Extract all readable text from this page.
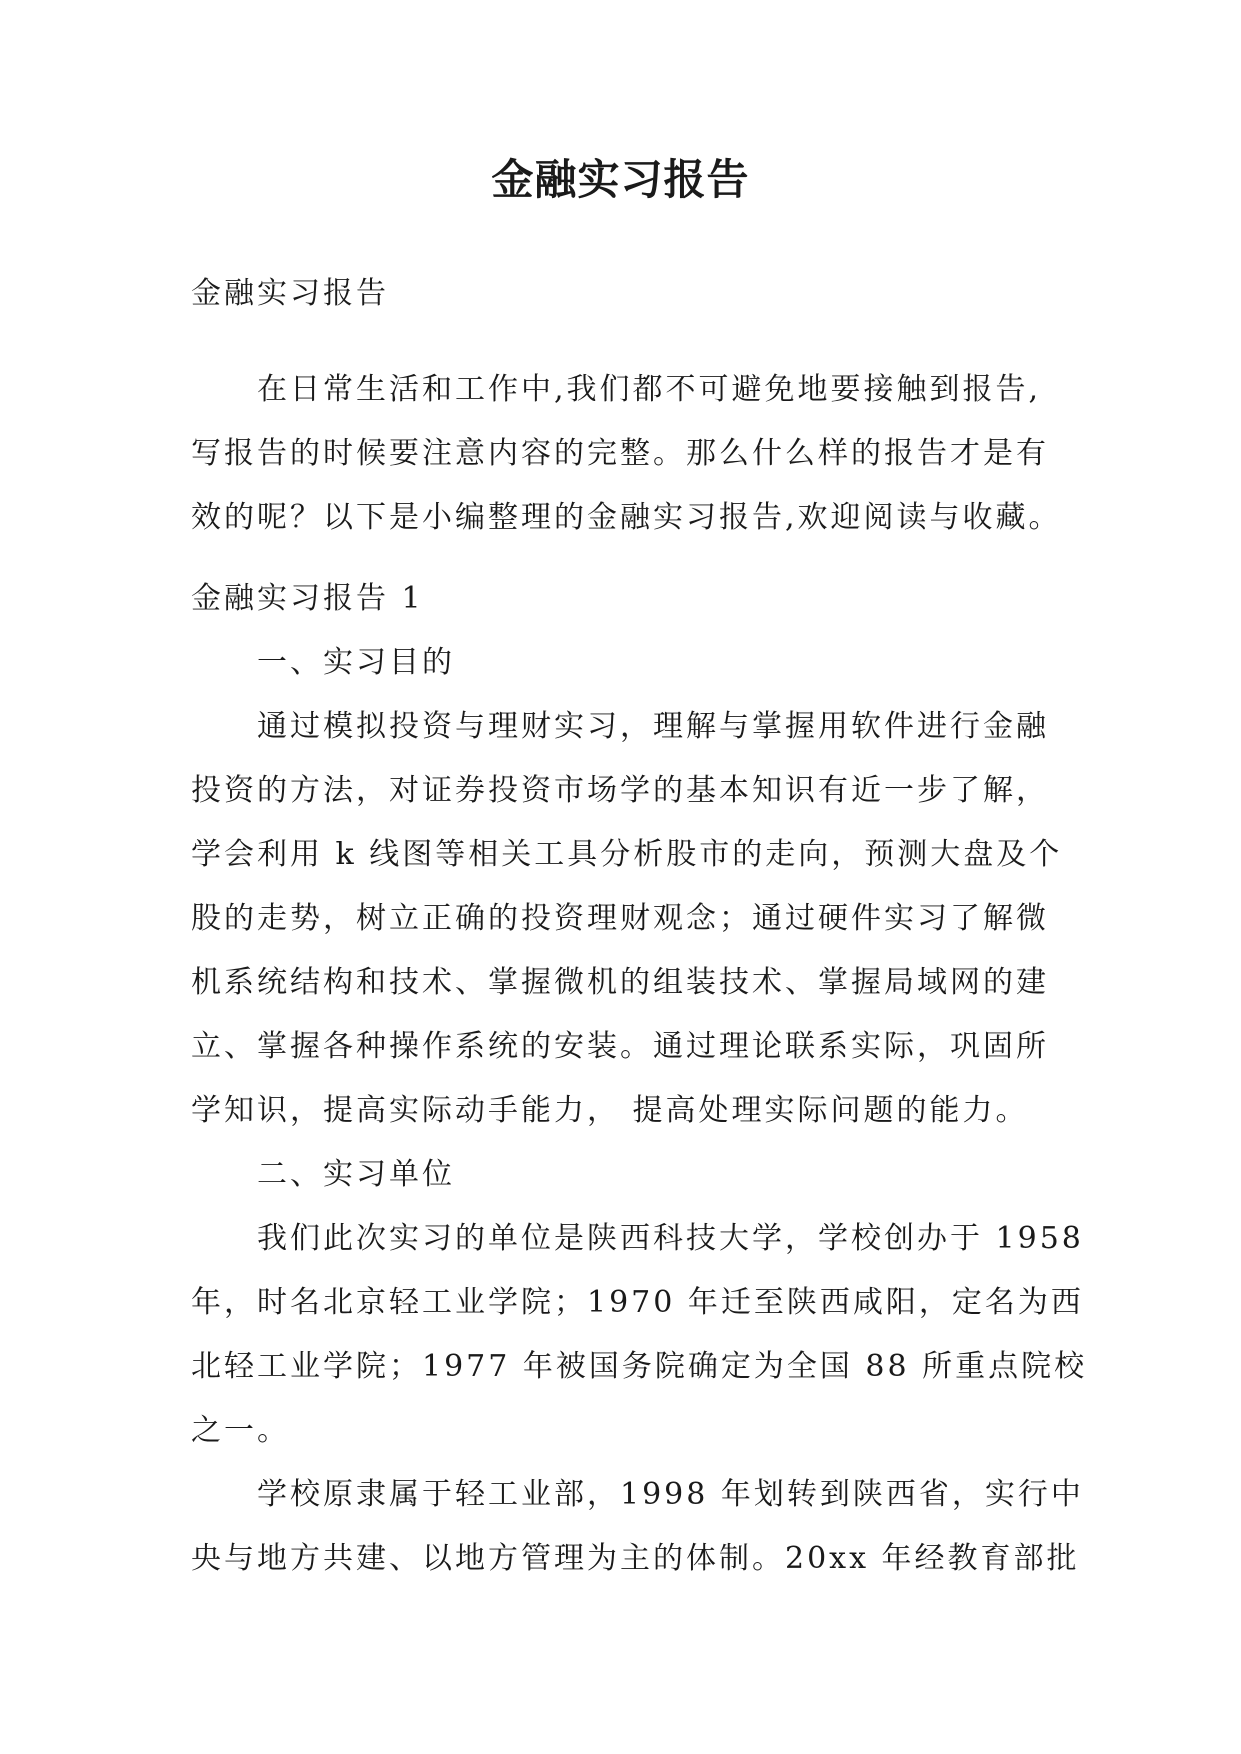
金融实习报告
金融实习报告
在日常生活和工作中,我们都不可避免地要接触到报告,
写报告的时候要注意内容的完整。那么什么样的报告才是有
效的呢？以下是小编整理的金融实习报告,欢迎阅读与收藏。
金融实习报告 1
一、实习目的
通过模拟投资与理财实习，理解与掌握用软件进行金融
投资的方法，对证券投资市场学的基本知识有近一步了解，
学会利用 k 线图等相关工具分析股市的走向，预测大盘及个
股的走势，树立正确的投资理财观念；通过硬件实习了解微
机系统结构和技术、掌握微机的组装技术、掌握局域网的建
立、掌握各种操作系统的安装。通过理论联系实际，巩固所
学知识，提高实际动手能力， 提高处理实际问题的能力。
二、实习单位
我们此次实习的单位是陕西科技大学，学校创办于 1958
年，时名北京轻工业学院；1970 年迁至陕西咸阳，定名为西
北轻工业学院；1977 年被国务院确定为全国 88 所重点院校
之一。
学校原隶属于轻工业部，1998 年划转到陕西省，实行中
央与地方共建、以地方管理为主的体制。20xx 年经教育部批
